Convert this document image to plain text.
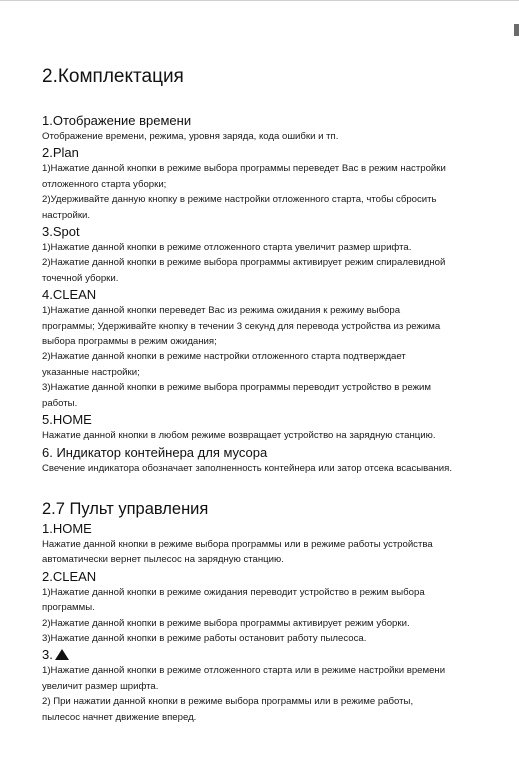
2.Комплектация

1.Отображение времени

Отображение времени, режима, уровня заряда, кода ошибки и тп.

2.Plan

1)Нажатие данной кнопки в режиме выбора программы переведет Вас в режим настройки

отложенного старта уборки;

2)Удерживайте данную кнопку в режиме настройки отложенного старта, чтобы сбросить

настройки.

3.Spot

1)Нажатие данной кнопки в режиме отложенного старта увеличит размер шрифта.

2)Нажатие данной кнопки в режиме выбора программы активирует режим спиралевидной

точечной уборки.

4.CLEAN

1)Нажатие данной кнопки переведет Вас из режима ожидания к режиму выбора

программы; Удерживайте кнопку в течении 3 секунд для перевода устройства из режима

выбора программы в режим ожидания;

2)Нажатие данной кнопки в режиме настройки отложенного старта подтверждает

указанные настройки;

3)Нажатие данной кнопки в режиме выбора программы переводит устройство в режим

работы.

5.HOME

Нажатие данной кнопки в любом режиме возвращает устройство на зарядную станцию.

6. Индикатор контейнера для мусора

Свечение индикатора обозначает заполненность контейнера или затор отсека всасывания.

2.7 Пульт управления

1.HOME

Нажатие данной кнопки в режиме выбора программы или в режиме работы устройства

автоматически вернет пылесос на зарядную станцию.

2.CLEAN

1)Нажатие данной кнопки в режиме ожидания переводит устройство в режим выбора

программы.

2)Нажатие данной кнопки в режиме выбора программы активирует режим уборки.

3)Нажатие данной кнопки в режиме работы остановит работу пылесоса.

3.

1)Нажатие данной кнопки в режиме отложенного старта или в режиме настройки времени

увеличит размер шрифта.

2) При нажатии данной кнопки в режиме выбора программы или в режиме работы,

пылесос начнет движение вперед.
